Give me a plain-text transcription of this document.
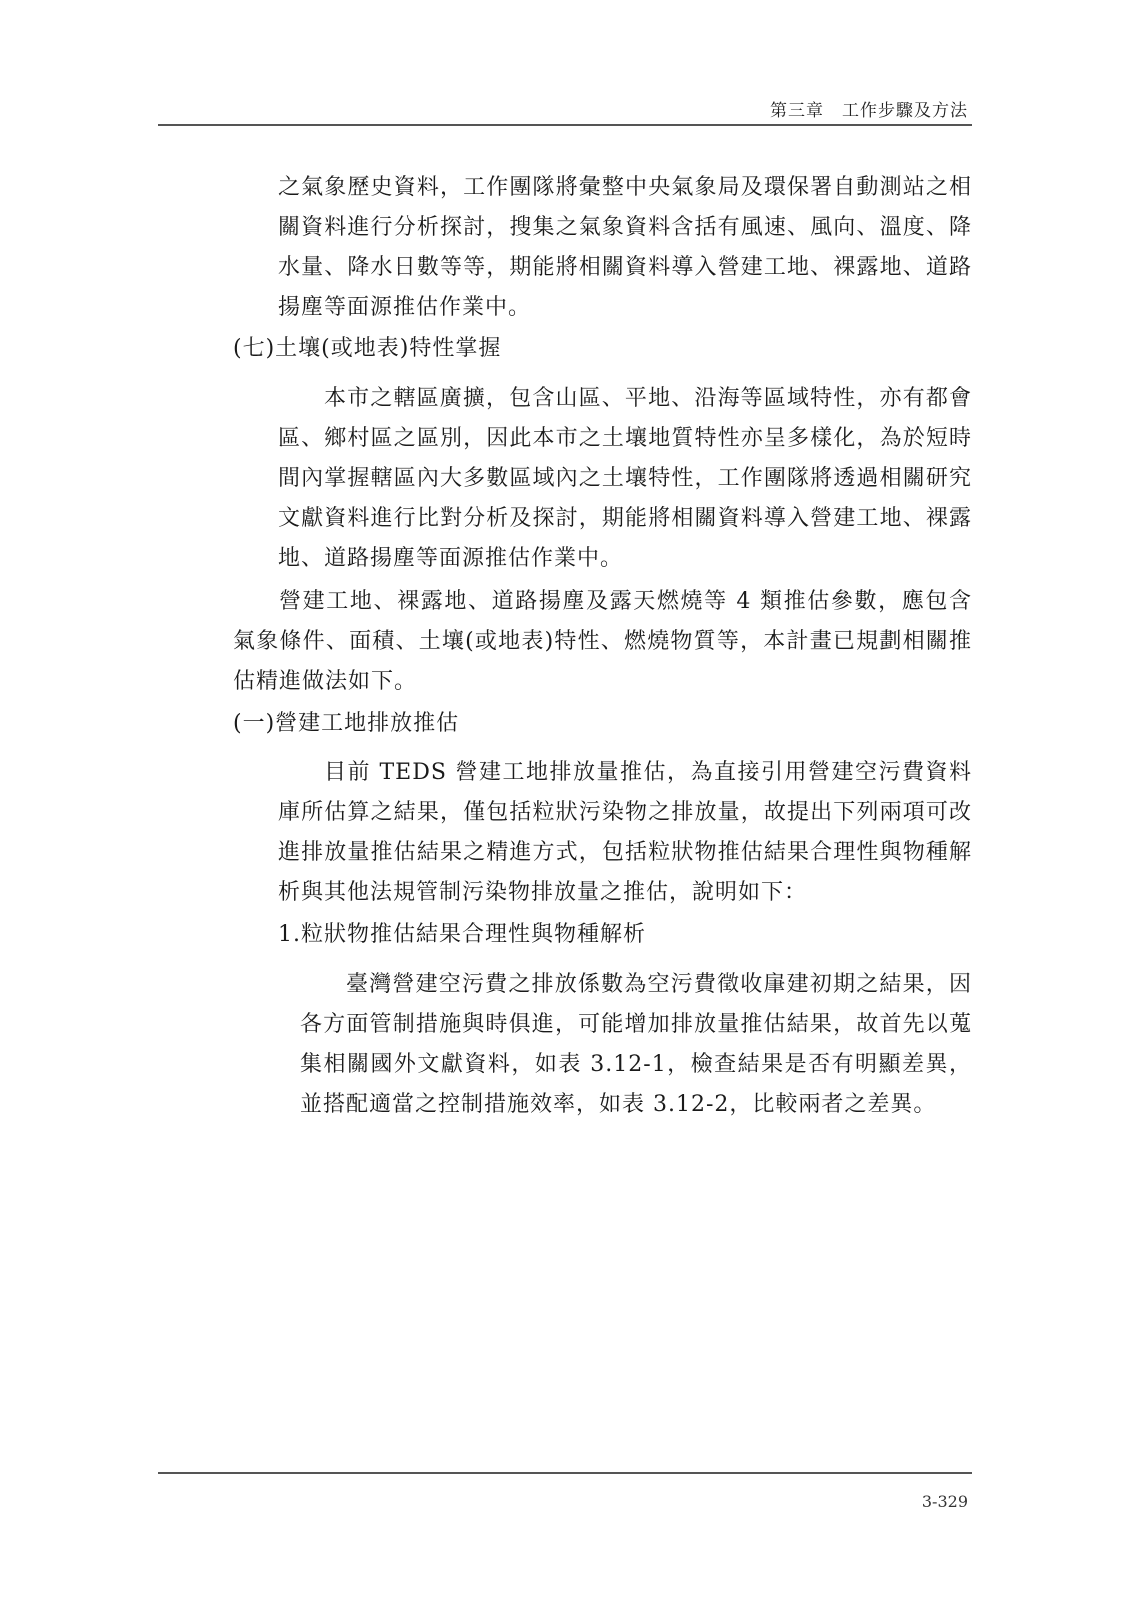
第三章　工作步驟及方法

之氣象歷史資料，工作團隊將彙整中央氣象局及環保署自動測站之相關資料進行分析探討，搜集之氣象資料含括有風速、風向、溫度、降水量、降水日數等等，期能將相關資料導入營建工地、裸露地、道路揚塵等面源推估作業中。

(七)土壤(或地表)特性掌握

本市之轄區廣擴，包含山區、平地、沿海等區域特性，亦有都會區、鄉村區之區別，因此本市之土壤地質特性亦呈多樣化，為於短時間內掌握轄區內大多數區域內之土壤特性，工作團隊將透過相關研究文獻資料進行比對分析及探討，期能將相關資料導入營建工地、裸露地、道路揚塵等面源推估作業中。

營建工地、裸露地、道路揚塵及露天燃燒等 4 類推估參數，應包含氣象條件、面積、土壤(或地表)特性、燃燒物質等，本計畫已規劃相關推估精進做法如下。

(一)營建工地排放推估

目前 TEDS 營建工地排放量推估，為直接引用營建空污費資料庫所估算之結果，僅包括粒狀污染物之排放量，故提出下列兩項可改進排放量推估結果之精進方式，包括粒狀物推估結果合理性與物種解析與其他法規管制污染物排放量之推估，說明如下：

1.粒狀物推估結果合理性與物種解析

臺灣營建空污費之排放係數為空污費徵收肁建初期之結果，因各方面管制措施與時俱進，可能增加排放量推估結果，故首先以蒐集相關國外文獻資料，如表 3.12-1，檢查結果是否有明顯差異，並搭配適當之控制措施效率，如表 3.12-2，比較兩者之差異。

3-329
